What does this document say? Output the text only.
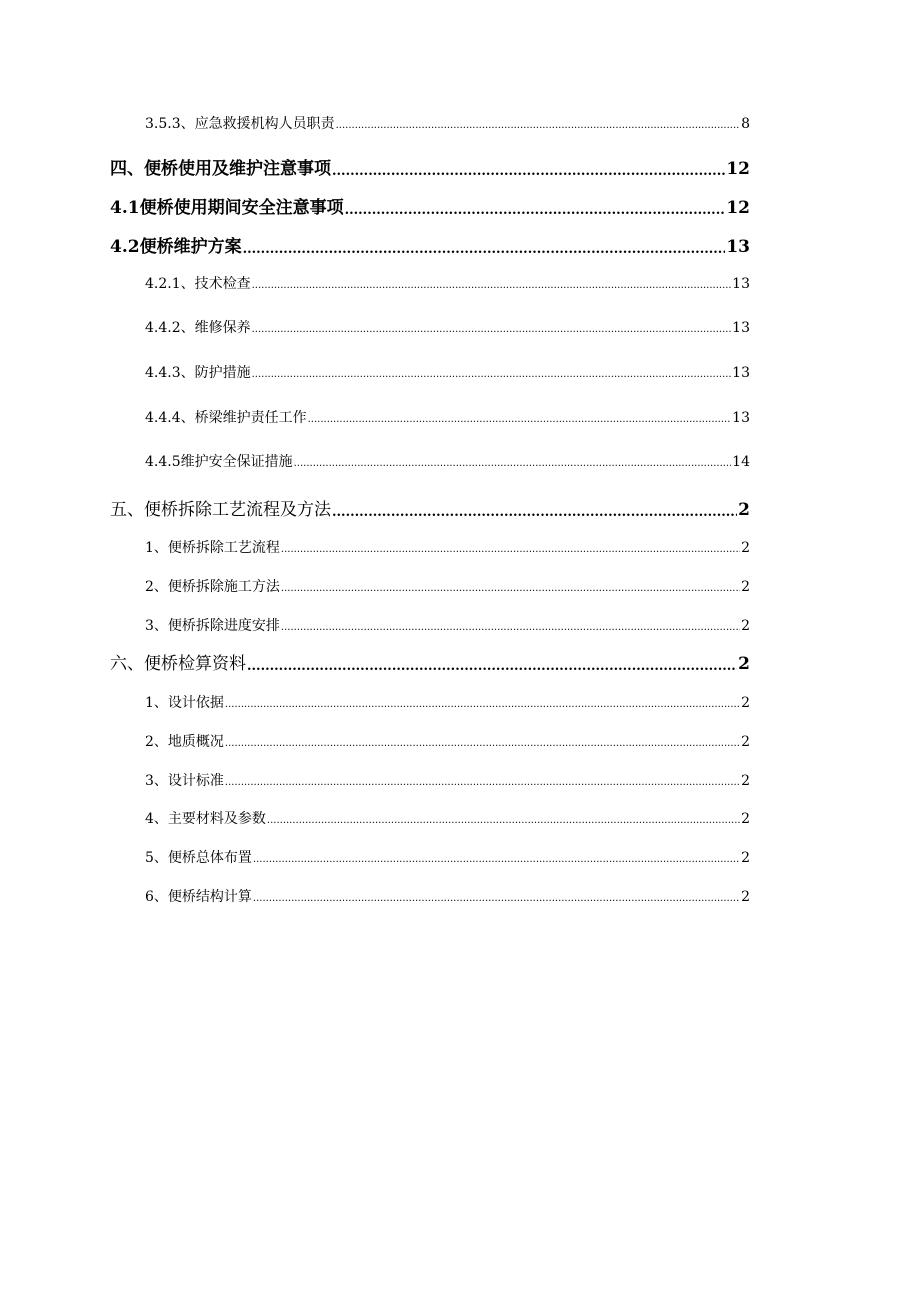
3.5.3、应急救援机构人员职责 .....	8
四、便桥使用及维护注意事项 .....	12
4.1便桥使用期间安全注意事项 .....	12
4.2便桥维护方案 .....	13
4.2.1、技术检查 .....	13
4.4.2、维修保养 .....	13
4.4.3、防护措施 .....	13
4.4.4、桥梁维护责任工作 .....	13
4.4.5维护安全保证措施 .....	14
五、便桥拆除工艺流程及方法 .....	2
1、便桥拆除工艺流程 .....	2
2、便桥拆除施工方法 .....	2
3、便桥拆除进度安排 .....	2
六、便桥检算资料 .....	2
1、设计依据 .....	2
2、地质概况 .....	2
3、设计标准 .....	2
4、主要材料及参数 .....	2
5、便桥总体布置 .....	2
6、便桥结构计算 .....	2
